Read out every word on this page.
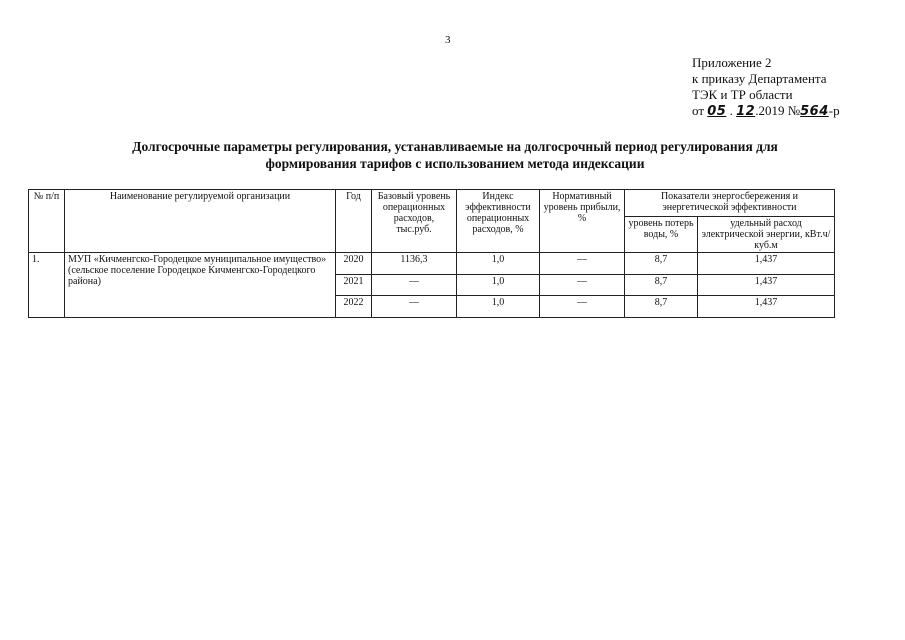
3
Приложение 2
к приказу Департамента
ТЭК и ТР области
от 05 . 12.2019 №564-р
Долгосрочные параметры регулирования, устанавливаемые на долгосрочный период регулирования для
формирования тарифов с использованием метода индексации
№ п/п	Наименование регулируемой организации	Год	Базовый уровень операционных расходов, тыс.руб.	Индекс эффективности операционных расходов, %	Нормативный уровень прибыли, %	Показатели энергосбережения и энергетической эффективности	
						уровень потерь воды, %	удельный расход электрической энергии, кВт.ч/куб.м
1.	МУП «Кичменгско-Городецкое муниципальное имущество» (сельское поселение Городецкое Кичменгско-Городецкого района)	2020	1136,3	1,0	—	8,7	1,437
		2021	—	1,0	—	8,7	1,437
		2022	—	1,0	—	8,7	1,437
